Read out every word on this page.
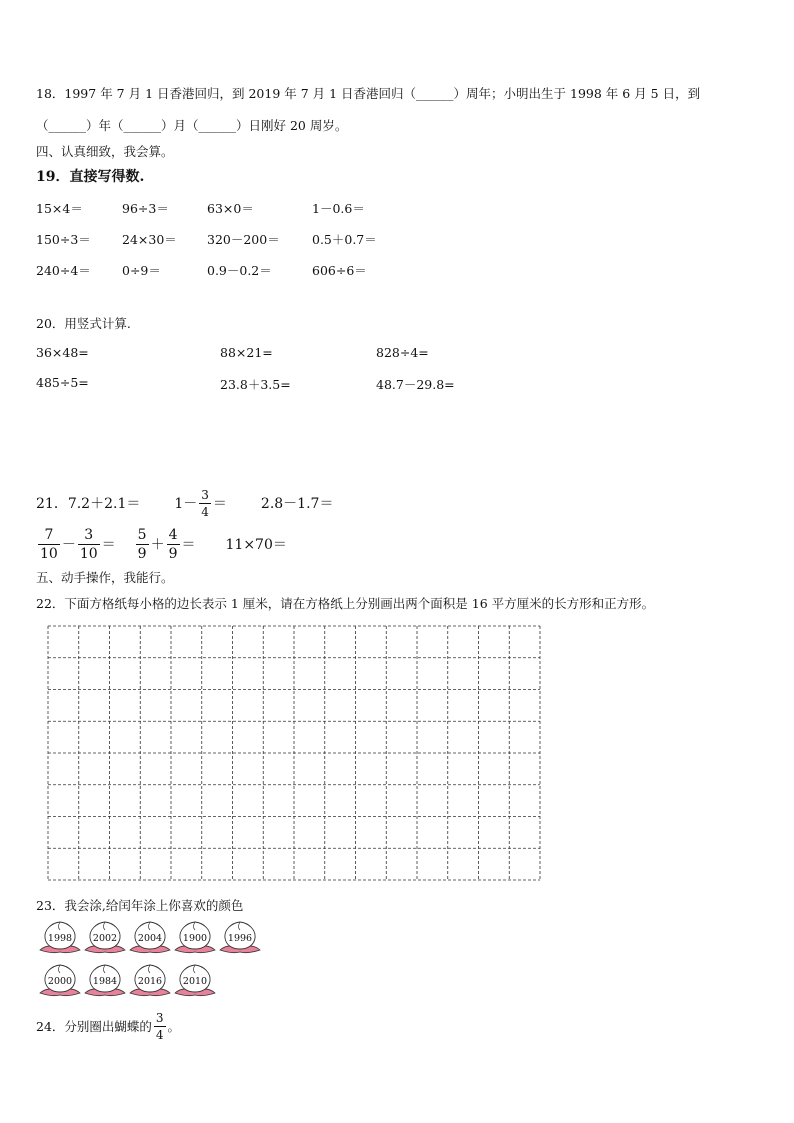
18．1997 年 7 月 1 日香港回归，到 2019 年 7 月 1 日香港回归（______）周年；小明出生于 1998 年 6 月 5 日，到
（______）年（______）月（______）日刚好 20 周岁。
四、认真细致，我会算。
19．直接写得数.
15×4＝	96÷3＝	63×0＝	1－0.6＝
150÷3＝ 24×30＝ 320－200＝	0.5＋0.7＝
240÷4＝ 0÷9＝	0.9－0.2＝	606÷6＝
20．用竖式计算.
36×48=	88×21=	828÷4=
485÷5=	23.8＋3.5=	48.7－29.8=
21． $7.2+2.1= 1- \frac{3}{4} = 2.8-1.7=$
$\frac{7}{10} - \frac{3}{10} = \frac{5}{9} + \frac{4}{9} = 11\times 70=$
五、动手操作，我能行。
22．下面方格纸每小格的边长表示 1 厘米，请在方格纸上分别画出两个面积是 16 平方厘米的长方形和正方形。
23．我会涂,给闰年涂上你喜欢的颜色
1998 2002 2004 1900 1996
2000 1984 2016 2010
24．分别圈出蝴蝶的 $\frac{3}{4}$ 。
